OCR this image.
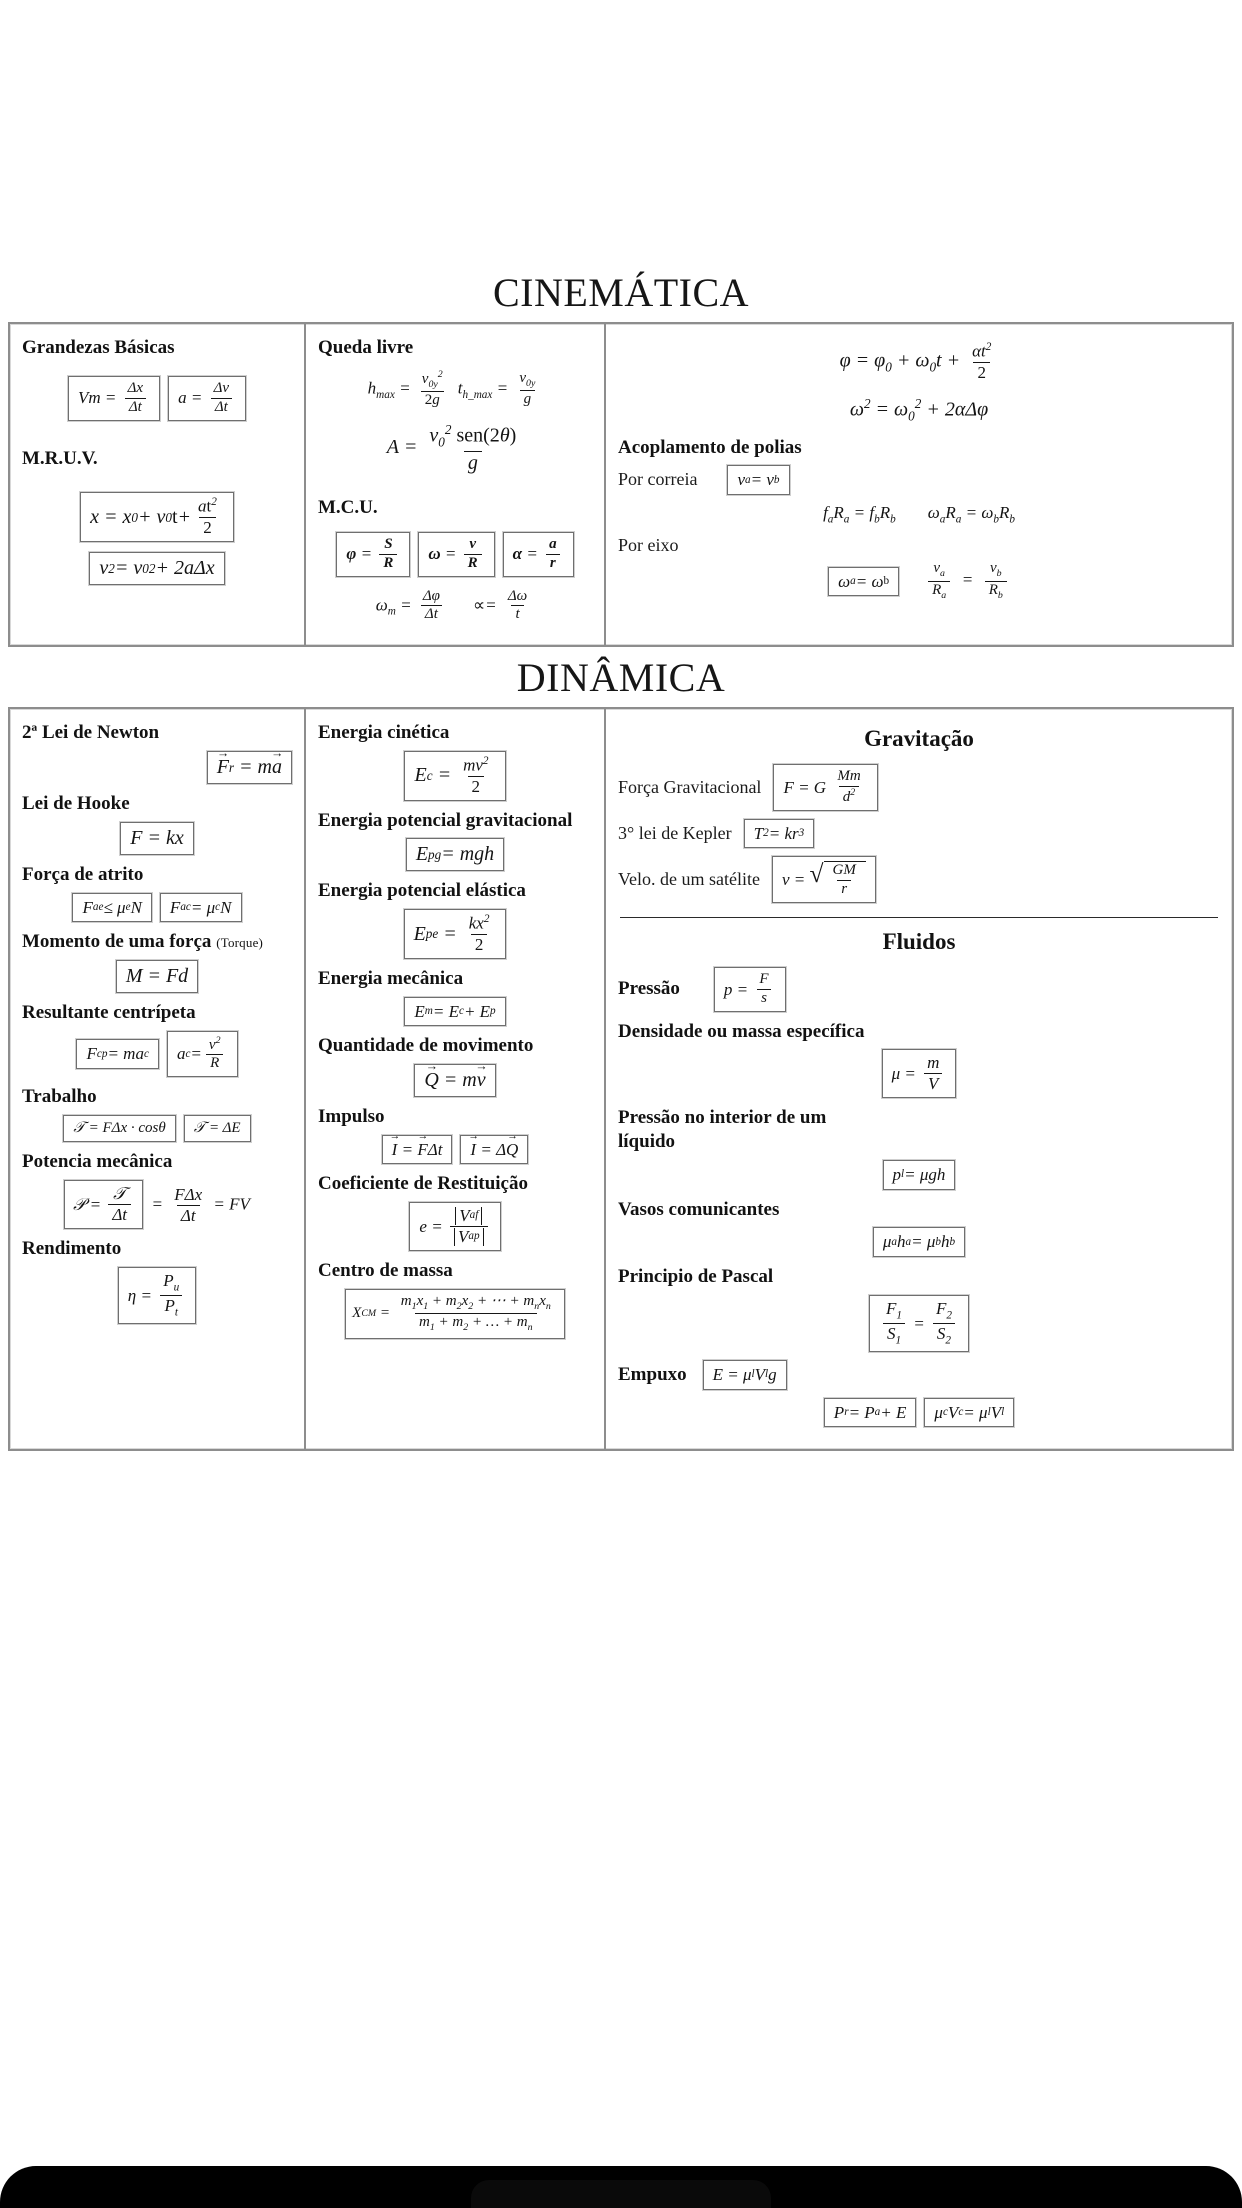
CINEMÁTICA
Grandezas Básicas
$Vm = \frac{\Delta x}{\Delta t}$ $a = \frac{\Delta v}{\Delta t}$
M.R.U.V.
x = x 0 + v 0 $t + \frac{at^2}{2}$
v 2 = v 0 2 + 2aΔx
Queda livre
$h_{max} = \frac{v_{0y}^2}{2g} t_{h\_max} = \frac{v_{0y}}{g}$
$A = \frac{v_0^2 sen(2\theta)}{g}$
M.C.U.
$\varphi = \frac{S}{R}$ $\omega = \frac{v}{R}$ $\alpha = \frac{a}{r}$
$\omega_m = \frac{\Delta\varphi}{\Delta t} \propto= \frac{\Delta\omega}{t}$
$\varphi = \varphi_0 + \omega_0t + \frac{\alpha t^2}{2}$
$\omega^2 = \omega_0^2 + 2\alpha\Delta\varphi$
Acoplamento de polias
Por correia	v a = v b
$f_aR_a = f_bR_b$ $\omega_aR_a = \omega_bR_b$
Por eixo
ω a = ω b	$\frac{v_a}{R_a} = \frac{v_b}{R_b}$
DINÂMICA
2ª Lei de Newton
F → r = m a →
Lei de Hooke
F = kx
Força de atrito
F ae ≤ μ e N	F ac = μ c N
Momento de uma força (Torque)
M = Fd
Resultante centrípeta
F cp = ma c	a $c = \frac{v^2}{R}$
Trabalho
𝒯 = FΔx · cosθ	𝒯 = ΔE
Potencia mecânica
𝒫 = $\frac{\text{𝒯}}{\Delta t} = \frac{\text{FΔx}}{\Delta t}$ = FV
Rendimento
$\eta = \frac{P_u}{P_t}$
Energia cinética
E $c = \frac{mv^2}{2}$
Energia potencial gravitacional
E pg = mgh
Energia potencial elástica
E pe = $\frac{kx^2}{2}$
Energia mecânica
E m = E c + E p
Quantidade de movimento
Q → = m v →
Impulso
I → = F → Δt	I → = Δ Q →
Coeficiente de Restituição
$e = \frac{\text{V af}}{\text{V ap}}$
Centro de massa
X CM = $\frac{m_1x_1 + m_2x_2 + \cdots + m_nx_n}{m_1 + m_2 + \dots + m_n}$
Gravitação
Força Gravitacional	F = G $\frac{Mm}{d^2}$
3° lei de Kepler	T 2 = kr 3
Velo. de um satélite	v = √ $\frac{GM}{r}$
Fluidos
Pressão	$p = \frac{F}{s}$
Densidade ou massa específica
$\mu = \frac{m}{V}$
Pressão no interior de um
líquido
p l = μgh
Vasos comunicantes
μ a h a = μ b h b
Principio de Pascal
$\frac{F_1}{S_1} = \frac{F_2}{S_2}$
Empuxo	E = μ l V l g
P r = P a + E	μ c V c = μ l V l
